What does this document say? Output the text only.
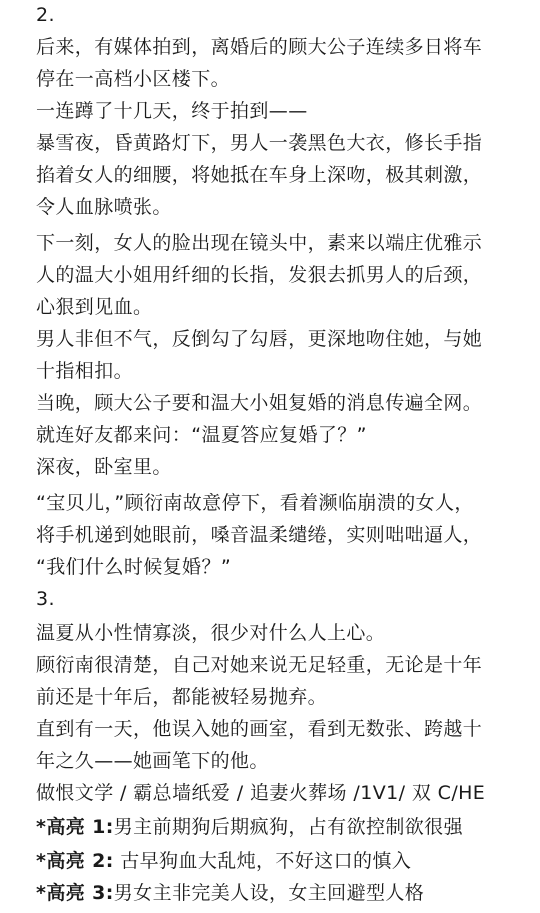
2.
后来，有媒体拍到，离婚后的顾大公子连续多日将车
停在一高档小区楼下。
一连蹲了十几天，终于拍到——
暴雪夜，昏黄路灯下，男人一袭黑色大衣，修长手指
掐着女人的细腰，将她抵在车身上深吻，极其刺激，
令人血脉喷张。
下一刻，女人的脸出现在镜头中，素来以端庄优雅示
人的温大小姐用纤细的长指，发狠去抓男人的后颈，
心狠到见血。
男人非但不气，反倒勾了勾唇，更深地吻住她，与她
十指相扣。
当晚，顾大公子要和温大小姐复婚的消息传遍全网。
就连好友都来问：“温夏答应复婚了？”
深夜，卧室里。
“宝贝儿，”顾衍南故意停下，看着濒临崩溃的女人，
将手机递到她眼前，嗓音温柔缱绻，实则咄咄逼人，
“我们什么时候复婚？”
3.
温夏从小性情寡淡，很少对什么人上心。
顾衍南很清楚，自己对她来说无足轻重，无论是十年
前还是十年后，都能被轻易抛弃。
直到有一天，他误入她的画室，看到无数张、跨越十
年之久——她画笔下的他。
做恨文学 / 霸总墙纸爱 / 追妻火葬场 /1V1/ 双 C/HE
*高亮 1:男主前期狗后期疯狗，占有欲控制欲很强
*高亮 2: 古早狗血大乱炖，不好这口的慎入
*高亮 3:男女主非完美人设，女主回避型人格
